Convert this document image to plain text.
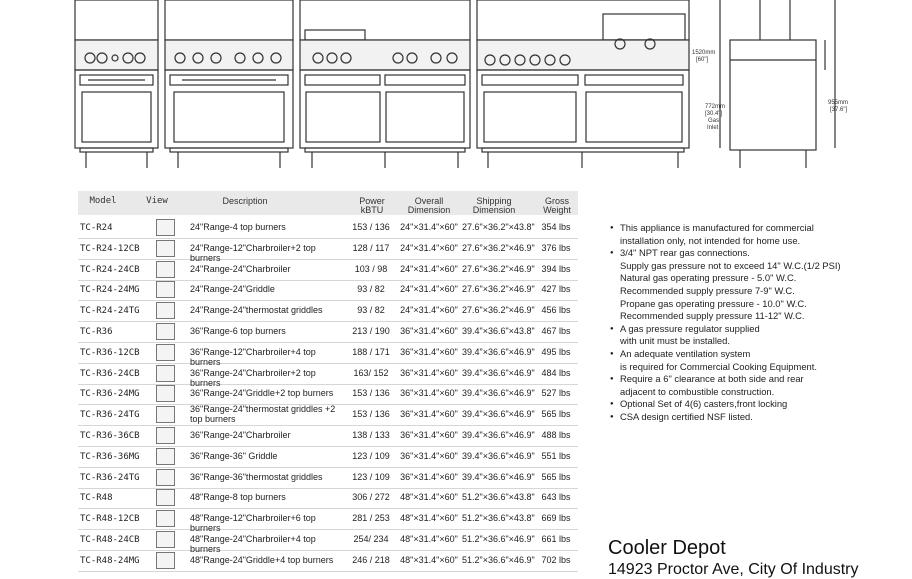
1520mm
[60"]
772mm
[30.4"]
Gas
Inlet
955mm
[37.6"]
Model	View	Description	Power
kBTU
Overall
Dimension
Shipping
Dimension
Gross
Weight
TC-R24	24"Range-4 top burners	153 / 136 24"×31.4"×60" 27.6"×36.2"×43.8" 354 lbs
TC-R24-12CB	24"Range-12"Charbroiler+2 top burners
128 / 117 24"×31.4"×60" 27.6"×36.2"×46.9" 376 lbs
TC-R24-24CB	24"Range-24"Charbroiler	103 / 98	24"×31.4"×60" 27.6"×36.2"×46.9" 394 lbs
TC-R24-24MG	24"Range-24"Griddle	93 / 82	24"×31.4"×60" 27.6"×36.2"×46.9" 427 lbs
TC-R24-24TG	24"Range-24"thermostat griddles	93 / 82	24"×31.4"×60" 27.6"×36.2"×46.9" 456 lbs
TC-R36	36"Range-6 top burners	213 / 190 36"×31.4"×60" 39.4"×36.6"×43.8" 467 lbs
TC-R36-12CB	36"Range-12"Charbroiler+4 top burners
188 / 171 36"×31.4"×60" 39.4"×36.6"×46.9" 495 lbs
TC-R36-24CB	36"Range-24"Charbroiler+2 top burners
163/ 152 36"×31.4"×60" 39.4"×36.6"×46.9" 484 lbs
TC-R36-24MG	36"Range-24"Griddle+2 top burners	153 / 136 36"×31.4"×60" 39.4"×36.6"×46.9" 527 lbs
TC-R36-24TG
36"Range-24"thermostat griddles +2 top burners	153 / 136 36"×31.4"×60" 39.4"×36.6"×46.9" 565 lbs
TC-R36-36CB	36"Range-24"Charbroiler	138 / 133 36"×31.4"×60" 39.4"×36.6"×46.9" 488 lbs
TC-R36-36MG	36"Range-36" Griddle	123 / 109 36"×31.4"×60" 39.4"×36.6"×46.9" 551 lbs
TC-R36-24TG	36"Range-36"thermostat griddles	123 / 109 36"×31.4"×60" 39.4"×36.6"×46.9" 565 lbs
TC-R48	48"Range-8 top burners	306 / 272 48"×31.4"×60" 51.2"×36.6"×43.8" 643 lbs
TC-R48-12CB	48"Range-12"Charbroiler+6 top burners
281 / 253 48"×31.4"×60" 51.2"×36.6"×43.8" 669 lbs
TC-R48-24CB	48"Range-24"Charbroiler+4 top burners
254/ 234 48"×31.4"×60" 51.2"×36.6"×46.9" 661 lbs
TC-R48-24MG	48"Range-24"Griddle+4 top burners	246 / 218 48"×31.4"×60" 51.2"×36.6"×46.9" 702 lbs
● This appliance is manufactured for commercial
installation only, not intended for home use.
● 3/4" NPT rear gas connections.
Supply gas pressure not to exceed 14" W.C.(1/2 PSI)
Natural gas operating pressure - 5.0" W.C.
Recommended supply pressure 7-9" W.C.
Propane gas operating pressure - 10.0" W.C.
Recommended supply pressure 11-12" W.C.
● A gas pressure regulator supplied
with unit must be installed.
● An adequate ventilation system
is required for Commercial Cooking Equipment.
● Require a 6" clearance at both side and rear
adjacent to combustible construction.
● Optional Set of 4(6) casters,front locking
● CSA design certified NSF listed.
Cooler Depot
14923 Proctor Ave, City Of Industry
